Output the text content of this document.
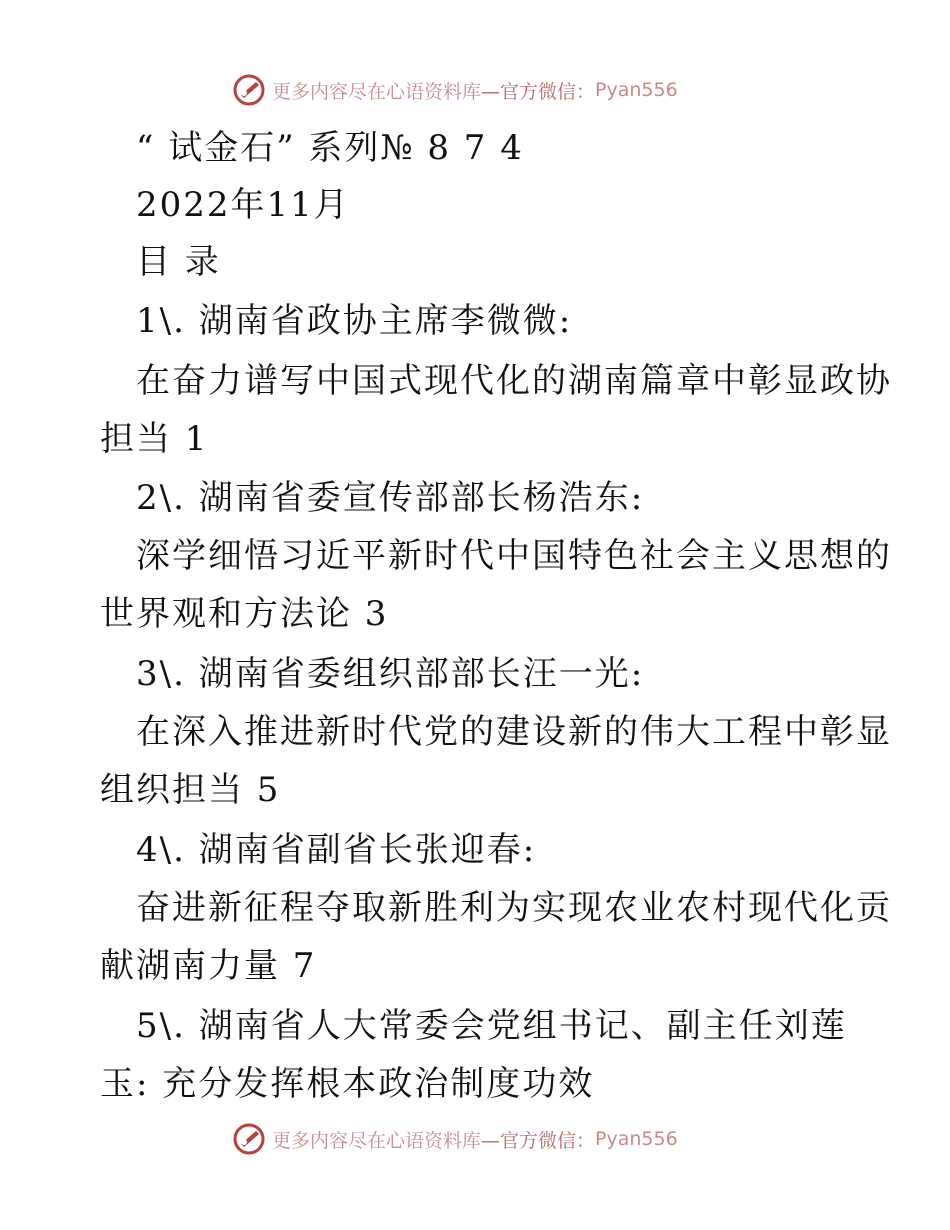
更多内容尽在心语资料库 —官方微信： Pyan556
“ 试金石” 系列№ 8 7 4
2022年11月
目 录
1\. 湖南省政协主席李微微:
在奋力谱写中国式现代化的湖南篇章中彰显政协
担当 1
2\. 湖南省委宣传部部长杨浩东:
深学细悟习近平新时代中国特色社会主义思想的
世界观和方法论 3
3\. 湖南省委组织部部长汪一光:
在深入推进新时代党的建设新的伟大工程中彰显
组织担当 5
4\. 湖南省副省长张迎春:
奋进新征程夺取新胜利为实现农业农村现代化贡
献湖南力量 7
5\. 湖南省人大常委会党组书记、副主任刘莲
玉: 充分发挥根本政治制度功效
更多内容尽在心语资料库 —官方微信： Pyan556
